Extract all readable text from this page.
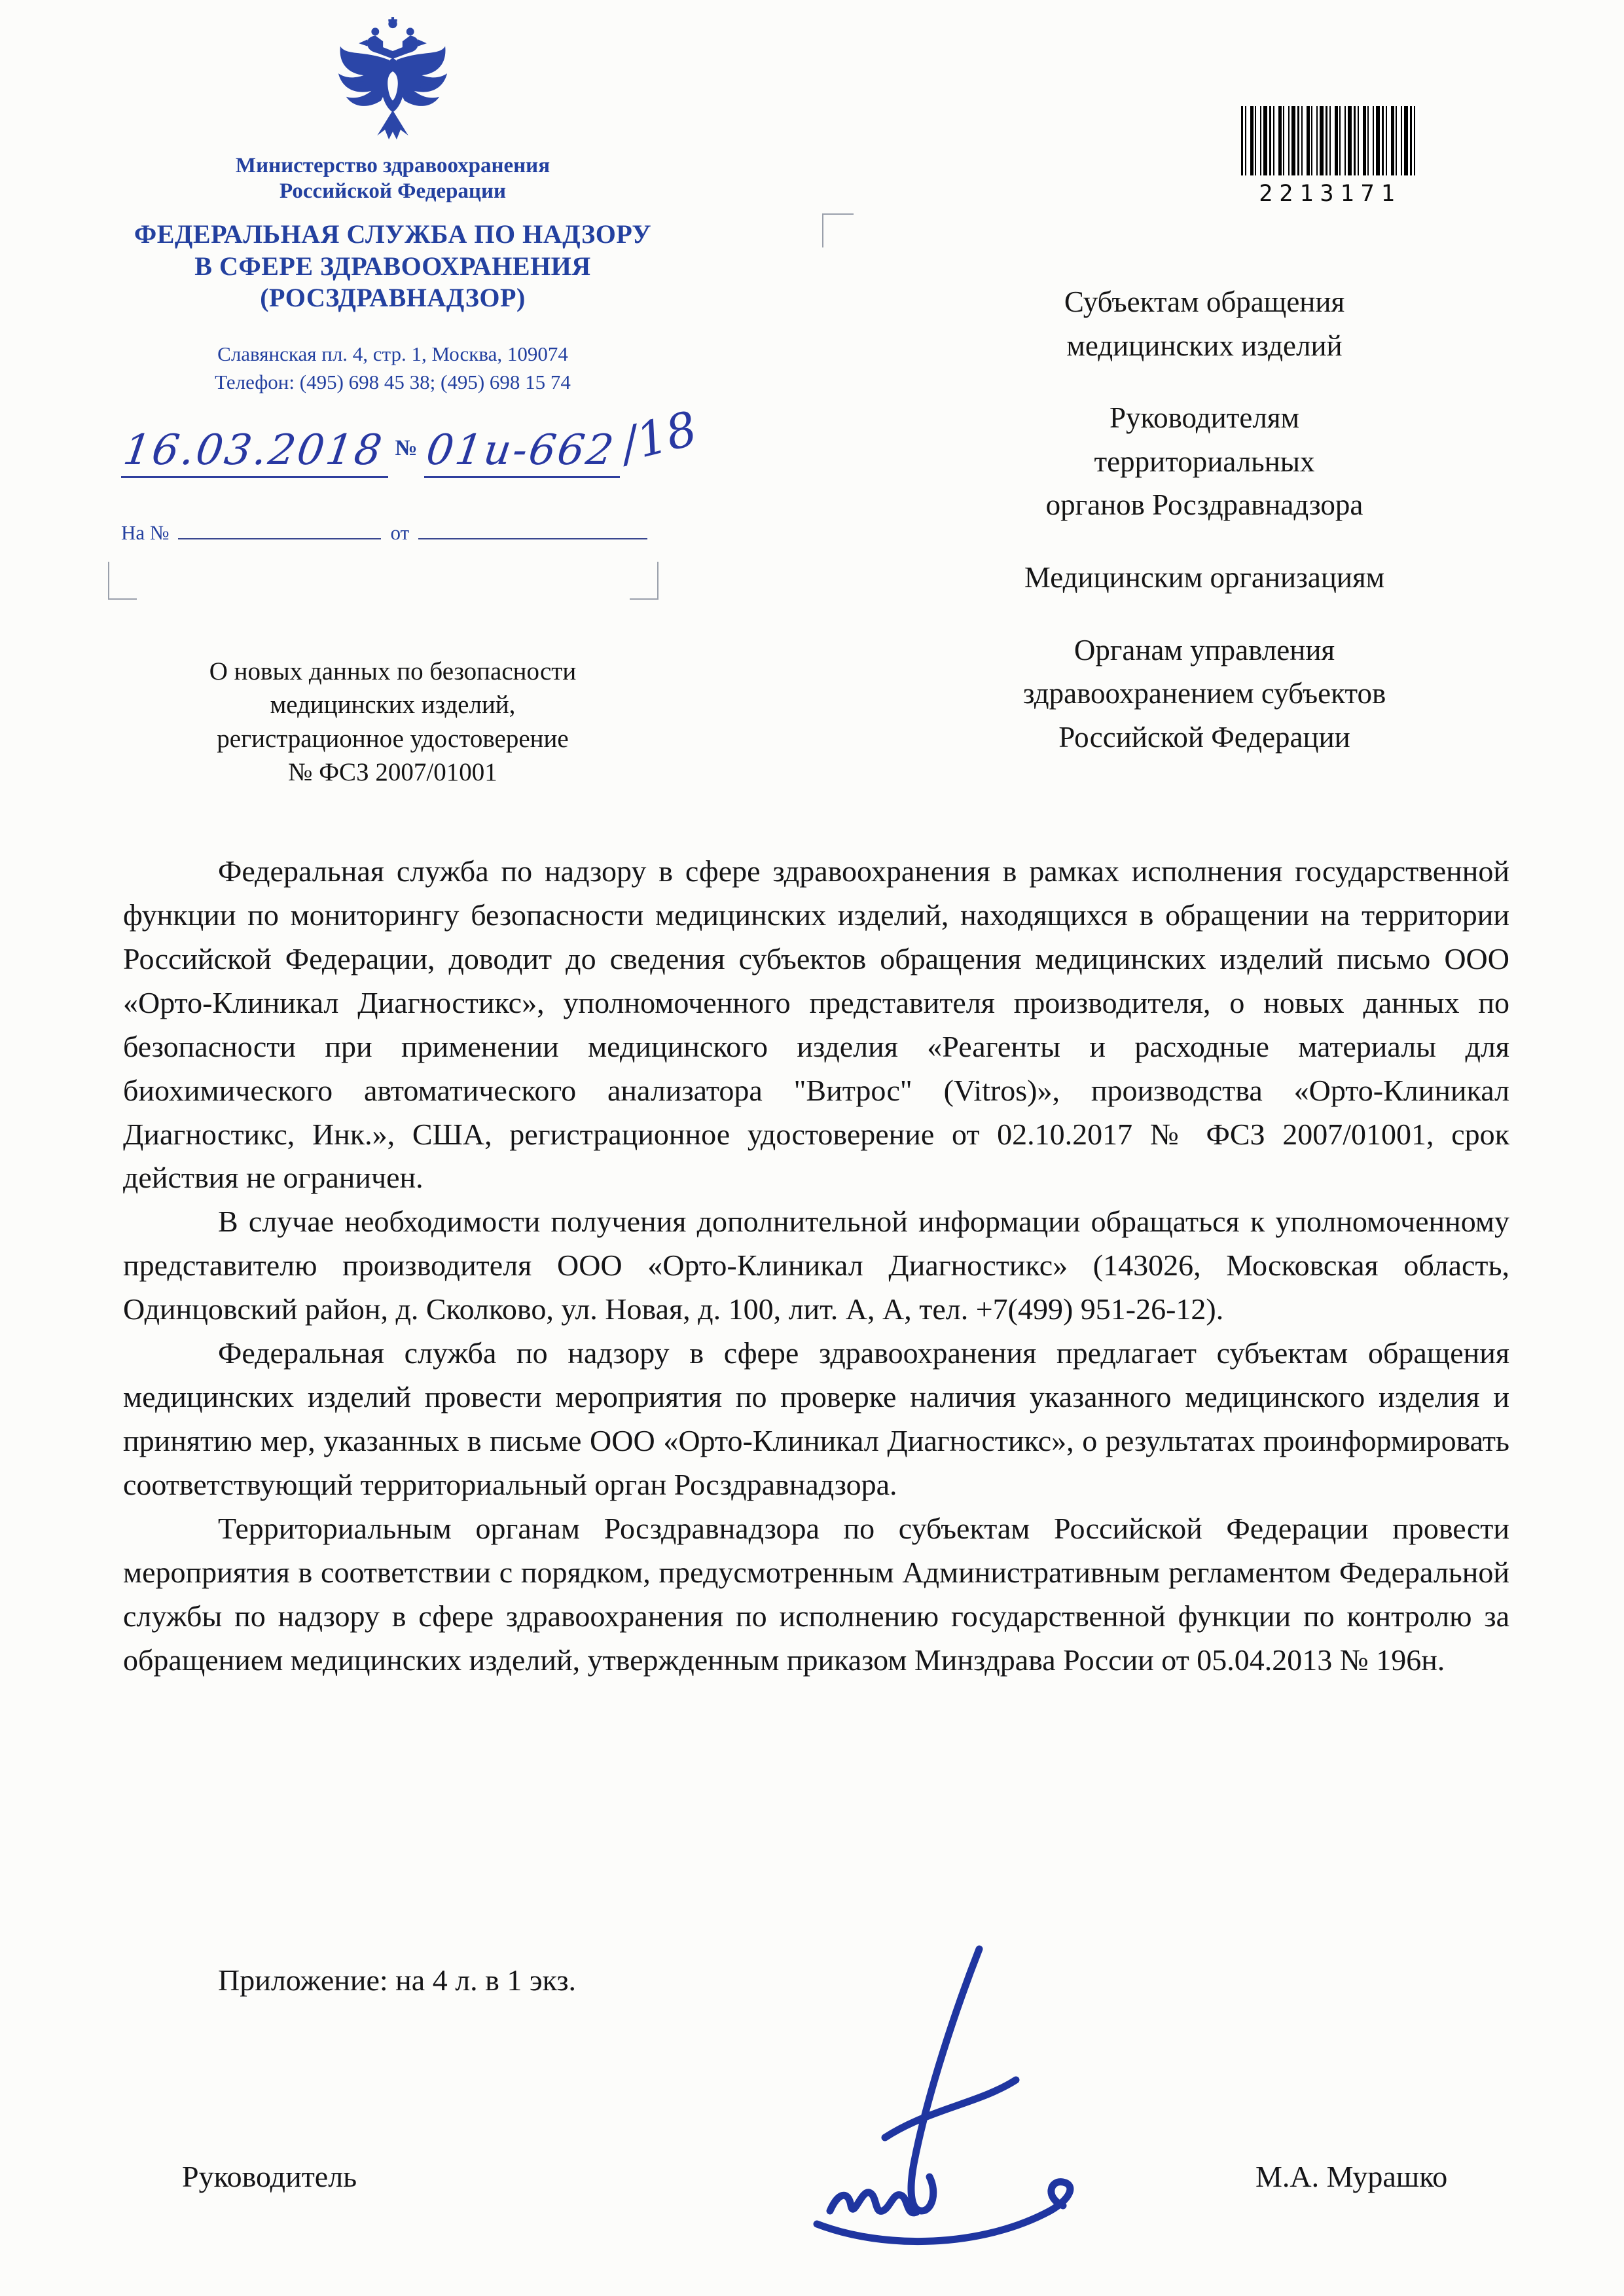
Министерство здравоохранения
Российской Федерации
ФЕДЕРАЛЬНАЯ СЛУЖБА ПО НАДЗОРУ
В СФЕРЕ ЗДРАВООХРАНЕНИЯ
(РОСЗДРАВНАДЗОР)
Славянская пл. 4, стр. 1, Москва, 109074
Телефон: (495) 698 45 38; (495) 698 15 74
16.03.2018 № 01и-662/18
На №	от
2213171
Субъектам обращения
медицинских изделий
Руководителям
территориальных
органов Росздравнадзора
Медицинским организациям
Органам управления
здравоохранением субъектов
Российской Федерации
О новых данных по безопасности
медицинских изделий,
регистрационное удостоверение
№ ФСЗ 2007/01001

Федеральная служба по надзору в сфере здравоохранения в рамках исполнения государственной функции по мониторингу безопасности медицинских изделий, находящихся в обращении на территории Российской Федерации, доводит до сведения субъектов обращения медицинских изделий письмо ООО «Орто-Клиникал Диагностикс», уполномоченного представителя производителя, о новых данных по безопасности при применении медицинского изделия «Реагенты и расходные материалы для биохимического автоматического анализатора "Витрос" (Vitros)», производства «Орто-Клиникал Диагностикс, Инк.», США, регистрационное удостоверение от 02.10.2017 № ФСЗ 2007/01001, срок действия не ограничен.

В случае необходимости получения дополнительной информации обращаться к уполномоченному представителю производителя ООО «Орто-Клиникал Диагностикс» (143026, Московская область, Одинцовский район, д. Сколково, ул. Новая, д. 100, лит. А, А, тел. +7(499) 951-26-12).

Федеральная служба по надзору в сфере здравоохранения предлагает субъектам обращения медицинских изделий провести мероприятия по проверке наличия указанного медицинского изделия и принятию мер, указанных в письме ООО «Орто-Клиникал Диагностикс», о результатах проинформировать соответствующий территориальный орган Росздравнадзора.

Территориальным органам Росздравнадзора по субъектам Российской Федерации провести мероприятия в соответствии с порядком, предусмотренным Административным регламентом Федеральной службы по надзору в сфере здравоохранения по исполнению государственной функции по контролю за обращением медицинских изделий, утвержденным приказом Минздрава России от 05.04.2013 № 196н.

Приложение: на 4 л. в 1 экз.
Руководитель	М.А. Мурашко
